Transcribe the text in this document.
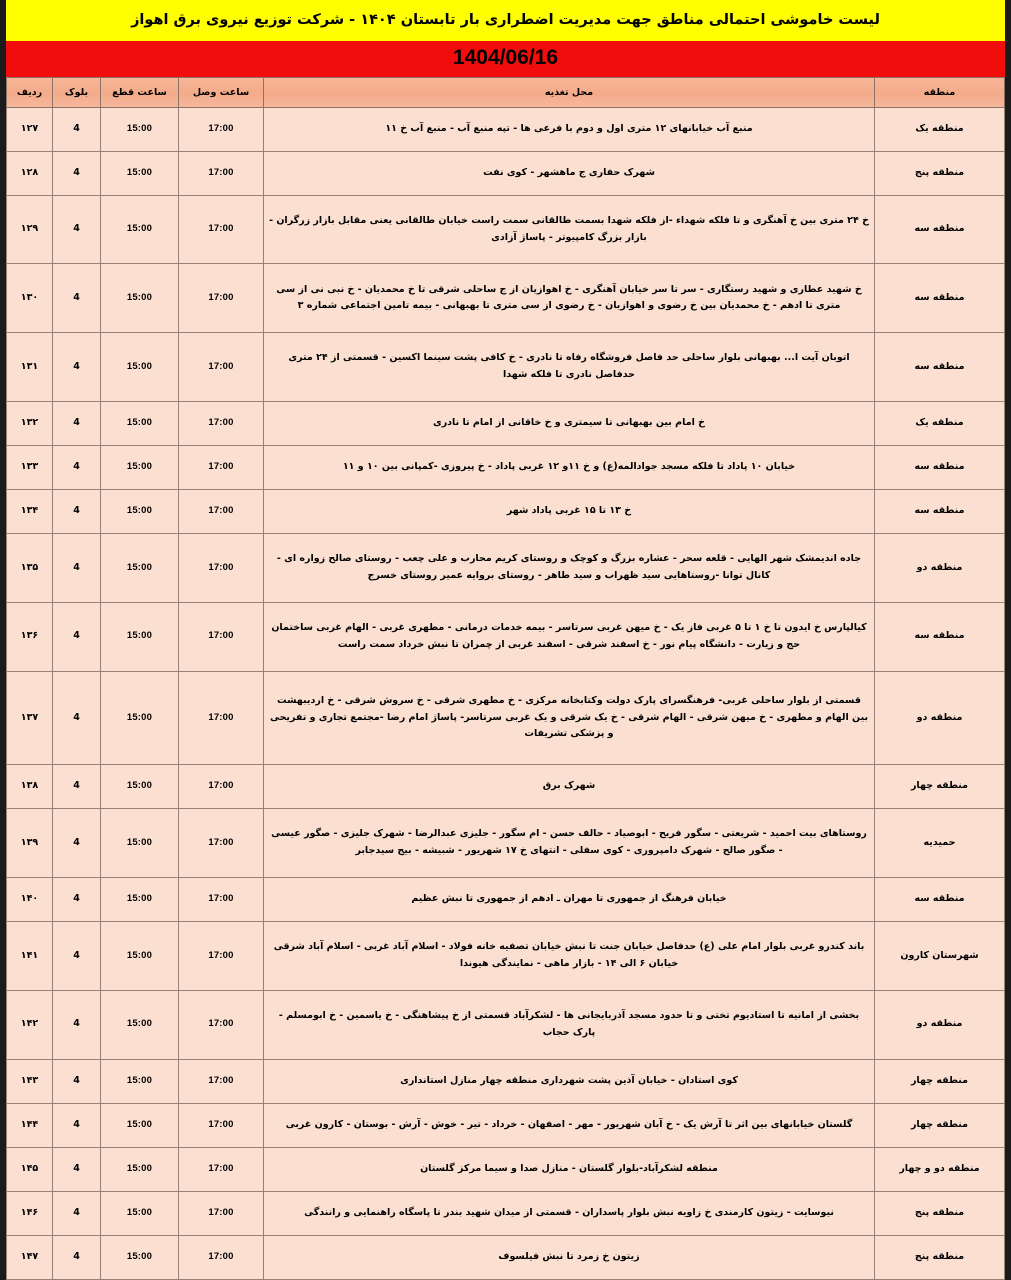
لیست خاموشی احتمالی مناطق جهت مدیریت اضطراری بار تابستان ۱۴۰۴ - شرکت توزیع نیروی برق اهواز
1404/06/16
منطقه	محل تغذیه	ساعت وصل	ساعت قطع	بلوک	ردیف
منطقه یک	منبع آب خیابانهای ۱۲ متری اول و دوم با فرعی ها - تپه منبع آب - منبع آب خ ۱۱	17:00	15:00	4	۱۲۷
منطقه پنج	شهرک حفاری ج ماهشهر - کوی نفت	17:00	15:00	4	۱۲۸
منطقه سه	خ ۲۴ متری بین خ آهنگری و تا فلکه شهداء -از فلکه شهدا بسمت طالقانی سمت راست خیابان طالقانی یعنی مقابل بازار زرگران - بازار بزرگ کامپیوتر - پاساژ آزادی	17:00	15:00	4	۱۲۹
منطقه سه	خ شهید عطاری و شهید رستگاری - سر تا سر خیابان آهنگری - خ اهوازیان از ج ساحلی شرقی تا خ محمدیان - خ نبی نی از سی متری تا ادهم - خ محمدیان بین خ رضوی و اهوازیان - خ رضوی از سی متری تا بهبهانی - بیمه تامین اجتماعی شماره ۳	17:00	15:00	4	۱۳۰
منطقه سه	اتوبان آیت ا... بهبهانی بلوار ساحلی حد فاصل فروشگاه رفاه تا نادری - خ کافی پشت سینما اکسین - قسمتی از ۲۴ متری حدفاصل نادری تا فلکه شهدا	17:00	15:00	4	۱۳۱
منطقه یک	خ امام بین بهبهانی تا سیمتری و خ خاقانی از امام تا نادری	17:00	15:00	4	۱۳۲
منطقه سه	خیابان ۱۰ پاداد تا فلکه مسجد جوادالمه(ع) و خ ۱۱و ۱۲ غربی پاداد - خ پیروزی -کمپانی بین ۱۰ و ۱۱	17:00	15:00	4	۱۳۳
منطقه سه	خ ۱۳ تا ۱۵ غربی پاداد شهر	17:00	15:00	4	۱۳۴
منطقه دو	جاده اندیمشک شهر الهایی - قلعه سحر - عشاره بزرگ و کوچک و روستای کریم محارب و علی چعب - روستای صالح زواره ای - کانال توانا -روستاهایی سید ظهراب و سید طاهر - روستای بروایه عمیر روستای خسرج	17:00	15:00	4	۱۳۵
منطقه سه	کیالپارس خ ایدون تا خ ۱ تا ۵ غربی فاز یک - خ میهن غربی سرتاسر - بیمه خدمات درمانی - مطهری غربی - الهام غربی ساختمان حج و زیارت - دانشگاه پیام نور - خ اسفند شرقی - اسفند غربی از چمران تا نبش خرداد سمت راست	17:00	15:00	4	۱۳۶
منطقه دو	قسمتی از بلوار ساحلی غربی- فرهنگسرای پارک دولت وکتابخانه مرکزی - خ مطهری شرقی - خ سروش شرقی - خ اردیبهشت بین الهام و مطهری - خ میهن شرقی - الهام شرقی - خ یک شرقی و یک غربی سرتاسر- پاساژ امام رضا -مجتمع تجاری و تفریحی و پزشکی تشریفات	17:00	15:00	4	۱۳۷
منطقه چهار	شهرک برق	17:00	15:00	4	۱۳۸
حمیدیه	روستاهای بیت احمید - شریعتی - سگور فریح - ابوصیاد - حالف حسن - ام سگور - جلیزی عبدالرضا - شهرک جلیزی - صگور عیسی - صگور صالح - شهرک دامپروری - کوی سفلی - انتهای خ ۱۷ شهریور - شبیشه - بیج سیدجابر	17:00	15:00	4	۱۳۹
منطقه سه	خیابان فرهنگ از جمهوری تا مهران ـ ادهم از جمهوری تا نبش عظیم	17:00	15:00	4	۱۴۰
شهرستان کارون	باند کندرو غربی بلوار امام علی (ع) حدفاصل خیابان جنت تا نبش خیابان تصفیه خانه فولاد - اسلام آباد غربی - اسلام آباد شرقی خیابان ۶ الی ۱۴ - بازار ماهی - نمایندگی هیوندا	17:00	15:00	4	۱۴۱
منطقه دو	بخشی از امانیه تا استادیوم تختی و تا حدود مسجد آذربایجانی ها - لشکرآباد قسمتی از خ پیشاهنگی - خ یاسمین - خ ابومسلم - پارک حجاب	17:00	15:00	4	۱۴۲
منطقه چهار	کوی استادان - خیابان آذین پشت شهرداری منطقه چهار منازل استانداری	17:00	15:00	4	۱۴۳
منطقه چهار	گلستان خیابانهای بین اثر تا آرش یک - خ آبان شهریور - مهر - اصفهان - خرداد - تیر - خوش - آرش - بوستان - کارون غربی	17:00	15:00	4	۱۴۴
منطقه دو و چهار	منطقه لشکرآباد-بلوار گلستان - منازل صدا و سیما مرکز گلستان	17:00	15:00	4	۱۴۵
منطقه پنج	نیوسایت - زیتون کارمندی خ زاویه نبش بلوار پاسداران - قسمتی از میدان شهید بندر تا پاسگاه راهنمایی و رانندگی	17:00	15:00	4	۱۴۶
منطقه پنج	زیتون خ زمرد تا نبش فیلسوف	17:00	15:00	4	۱۴۷
